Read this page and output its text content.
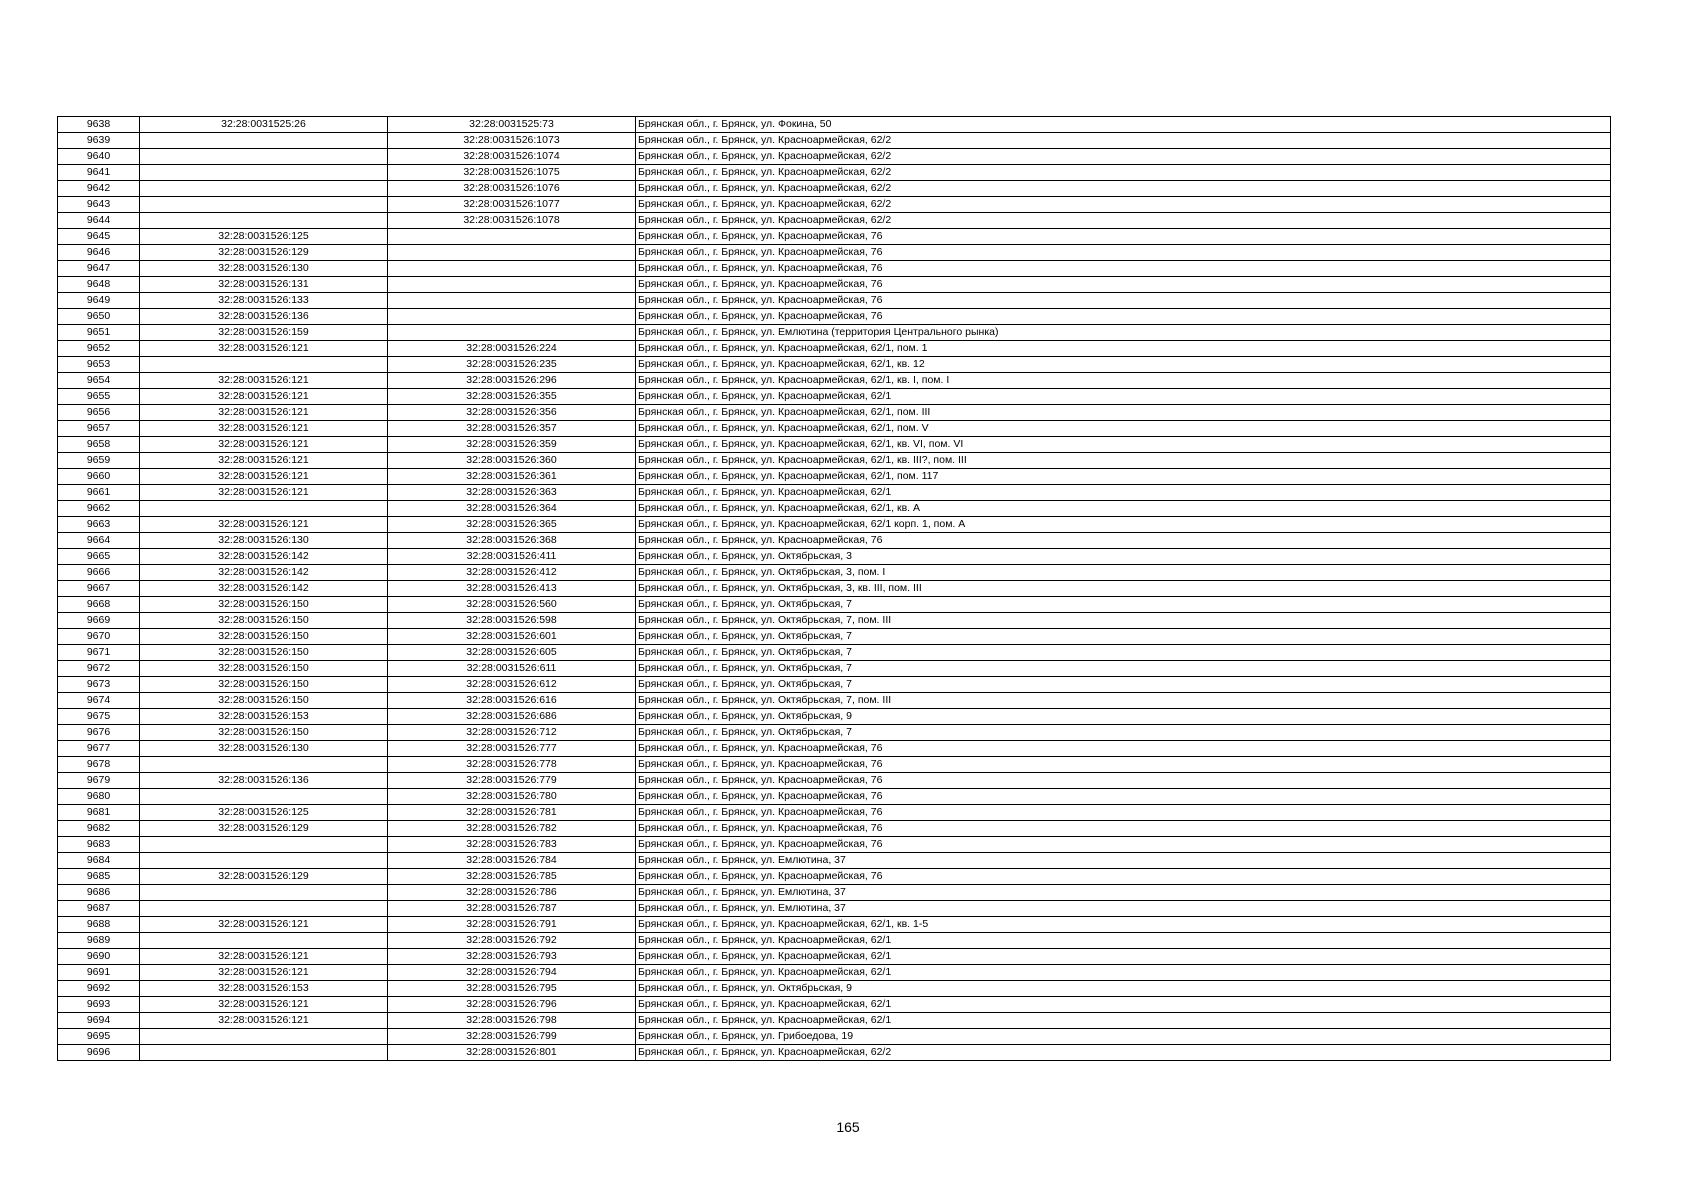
9638	32:28:0031525:26	32:28:0031525:73	Брянская обл., г. Брянск, ул. Фокина, 50
9639		32:28:0031526:1073	Брянская обл., г. Брянск, ул. Красноармейская, 62/2
9640		32:28:0031526:1074	Брянская обл., г. Брянск, ул. Красноармейская, 62/2
9641		32:28:0031526:1075	Брянская обл., г. Брянск, ул. Красноармейская, 62/2
9642		32:28:0031526:1076	Брянская обл., г. Брянск, ул. Красноармейская, 62/2
9643		32:28:0031526:1077	Брянская обл., г. Брянск, ул. Красноармейская, 62/2
9644		32:28:0031526:1078	Брянская обл., г. Брянск, ул. Красноармейская, 62/2
9645	32:28:0031526:125		Брянская обл., г. Брянск, ул. Красноармейская, 76
9646	32:28:0031526:129		Брянская обл., г. Брянск, ул. Красноармейская, 76
9647	32:28:0031526:130		Брянская обл., г. Брянск, ул. Красноармейская, 76
9648	32:28:0031526:131		Брянская обл., г. Брянск, ул. Красноармейская, 76
9649	32:28:0031526:133		Брянская обл., г. Брянск, ул. Красноармейская, 76
9650	32:28:0031526:136		Брянская обл., г. Брянск, ул. Красноармейская, 76
9651	32:28:0031526:159		Брянская обл., г. Брянск, ул. Емлютина (территория Центрального рынка)
9652	32:28:0031526:121	32:28:0031526:224	Брянская обл., г. Брянск, ул. Красноармейская, 62/1, пом. 1
9653		32:28:0031526:235	Брянская обл., г. Брянск, ул. Красноармейская, 62/1, кв. 12
9654	32:28:0031526:121	32:28:0031526:296	Брянская обл., г. Брянск, ул. Красноармейская, 62/1, кв. I, пом. I
9655	32:28:0031526:121	32:28:0031526:355	Брянская обл., г. Брянск, ул. Красноармейская, 62/1
9656	32:28:0031526:121	32:28:0031526:356	Брянская обл., г. Брянск, ул. Красноармейская, 62/1, пом. III
9657	32:28:0031526:121	32:28:0031526:357	Брянская обл., г. Брянск, ул. Красноармейская, 62/1, пом. V
9658	32:28:0031526:121	32:28:0031526:359	Брянская обл., г. Брянск, ул. Красноармейская, 62/1, кв. VI, пом. VI
9659	32:28:0031526:121	32:28:0031526:360	Брянская обл., г. Брянск, ул. Красноармейская, 62/1, кв. III?, пом. III
9660	32:28:0031526:121	32:28:0031526:361	Брянская обл., г. Брянск, ул. Красноармейская, 62/1, пом. 117
9661	32:28:0031526:121	32:28:0031526:363	Брянская обл., г. Брянск, ул. Красноармейская, 62/1
9662		32:28:0031526:364	Брянская обл., г. Брянск, ул. Красноармейская, 62/1, кв. А
9663	32:28:0031526:121	32:28:0031526:365	Брянская обл., г. Брянск, ул. Красноармейская, 62/1 корп. 1, пом. А
9664	32:28:0031526:130	32:28:0031526:368	Брянская обл., г. Брянск, ул. Красноармейская, 76
9665	32:28:0031526:142	32:28:0031526:411	Брянская обл., г. Брянск, ул. Октябрьская, 3
9666	32:28:0031526:142	32:28:0031526:412	Брянская обл., г. Брянск, ул. Октябрьская, 3, пом. I
9667	32:28:0031526:142	32:28:0031526:413	Брянская обл., г. Брянск, ул. Октябрьская, 3, кв. III, пом. III
9668	32:28:0031526:150	32:28:0031526:560	Брянская обл., г. Брянск, ул. Октябрьская, 7
9669	32:28:0031526:150	32:28:0031526:598	Брянская обл., г. Брянск, ул. Октябрьская, 7, пом. III
9670	32:28:0031526:150	32:28:0031526:601	Брянская обл., г. Брянск, ул. Октябрьская, 7
9671	32:28:0031526:150	32:28:0031526:605	Брянская обл., г. Брянск, ул. Октябрьская, 7
9672	32:28:0031526:150	32:28:0031526:611	Брянская обл., г. Брянск, ул. Октябрьская, 7
9673	32:28:0031526:150	32:28:0031526:612	Брянская обл., г. Брянск, ул. Октябрьская, 7
9674	32:28:0031526:150	32:28:0031526:616	Брянская обл., г. Брянск, ул. Октябрьская, 7, пом. III
9675	32:28:0031526:153	32:28:0031526:686	Брянская обл., г. Брянск, ул. Октябрьская, 9
9676	32:28:0031526:150	32:28:0031526:712	Брянская обл., г. Брянск, ул. Октябрьская, 7
9677	32:28:0031526:130	32:28:0031526:777	Брянская обл., г. Брянск, ул. Красноармейская, 76
9678		32:28:0031526:778	Брянская обл., г. Брянск, ул. Красноармейская, 76
9679	32:28:0031526:136	32:28:0031526:779	Брянская обл., г. Брянск, ул. Красноармейская, 76
9680		32:28:0031526:780	Брянская обл., г. Брянск, ул. Красноармейская, 76
9681	32:28:0031526:125	32:28:0031526:781	Брянская обл., г. Брянск, ул. Красноармейская, 76
9682	32:28:0031526:129	32:28:0031526:782	Брянская обл., г. Брянск, ул. Красноармейская, 76
9683		32:28:0031526:783	Брянская обл., г. Брянск, ул. Красноармейская, 76
9684		32:28:0031526:784	Брянская обл., г. Брянск, ул. Емлютина, 37
9685	32:28:0031526:129	32:28:0031526:785	Брянская обл., г. Брянск, ул. Красноармейская, 76
9686		32:28:0031526:786	Брянская обл., г. Брянск, ул. Емлютина, 37
9687		32:28:0031526:787	Брянская обл., г. Брянск, ул. Емлютина, 37
9688	32:28:0031526:121	32:28:0031526:791	Брянская обл., г. Брянск, ул. Красноармейская, 62/1, кв. 1-5
9689		32:28:0031526:792	Брянская обл., г. Брянск, ул. Красноармейская, 62/1
9690	32:28:0031526:121	32:28:0031526:793	Брянская обл., г. Брянск, ул. Красноармейская, 62/1
9691	32:28:0031526:121	32:28:0031526:794	Брянская обл., г. Брянск, ул. Красноармейская, 62/1
9692	32:28:0031526:153	32:28:0031526:795	Брянская обл., г. Брянск, ул. Октябрьская, 9
9693	32:28:0031526:121	32:28:0031526:796	Брянская обл., г. Брянск, ул. Красноармейская, 62/1
9694	32:28:0031526:121	32:28:0031526:798	Брянская обл., г. Брянск, ул. Красноармейская, 62/1
9695		32:28:0031526:799	Брянская обл., г. Брянск, ул. Грибоедова, 19
9696		32:28:0031526:801	Брянская обл., г. Брянск, ул. Красноармейская, 62/2
165
